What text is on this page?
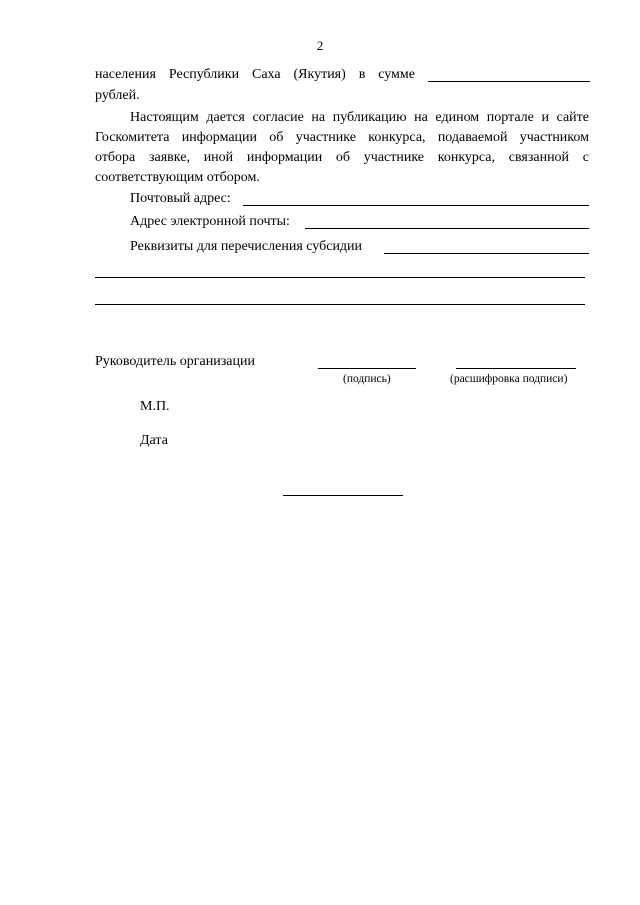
2
населения Республики Саха (Якутия) в сумме
рублей.
Настоящим дается согласие на публикацию на едином портале и сайте
Госкомитета информации об участнике конкурса, подаваемой участником
отбора заявке, иной информации об участнике конкурса, связанной с
соответствующим отбором.
Почтовый адрес:
Адрес электронной почты:
Реквизиты для перечисления субсидии
Руководитель организации
(подпись)	(расшифровка подписи)
М.П.
Дата
